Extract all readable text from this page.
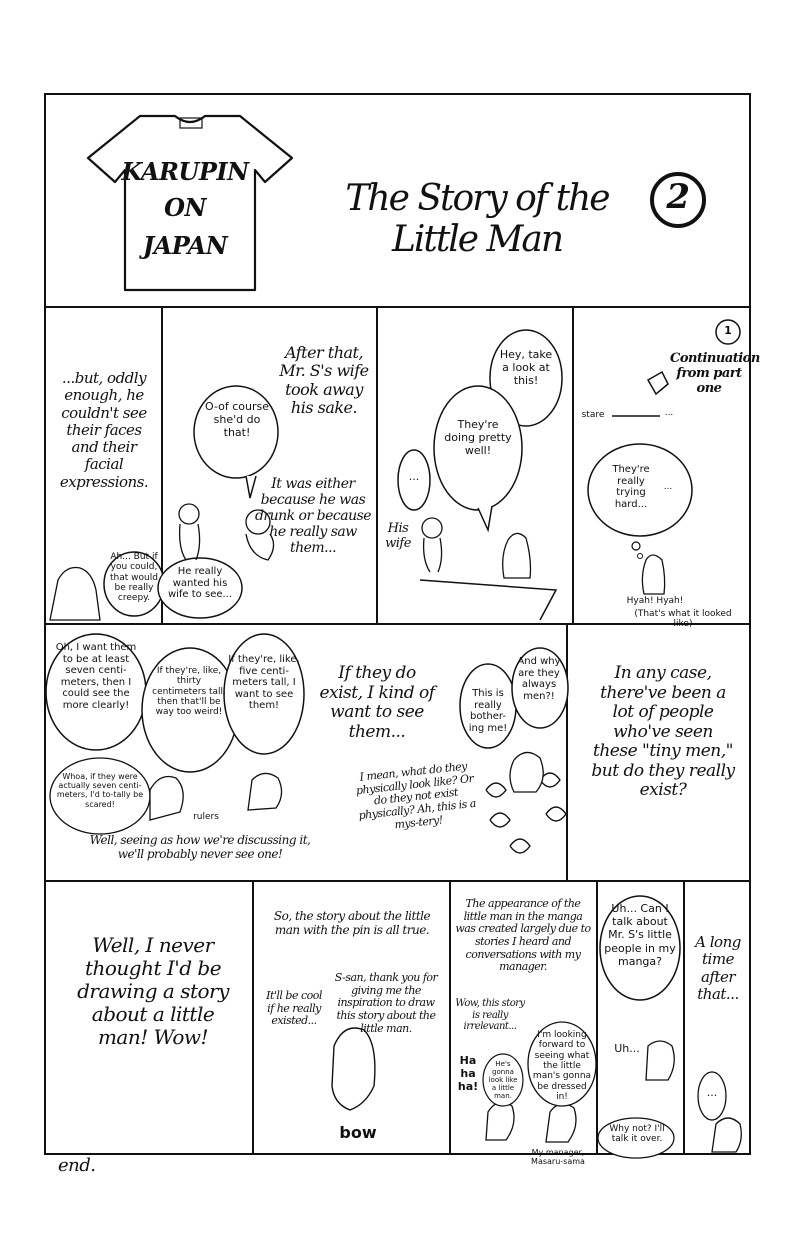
KARUPIN
ON
JAPAN
The Story of the Little Man
2
...but, oddly enough, he couldn't see their faces and their facial expressions.
Ah... But if you could, that would be really creepy.
After that, Mr. S's wife took away his sake.
O-of course she'd do that!
It was either because he was drunk or because he really saw them...
He really wanted his wife to see...
Hey, take a look at this!
They're doing pretty well!
...
His wife
1
Continuation from part one
stare	...
They're really trying hard...
...
Hyah! Hyah!
(That's what it looked like)
Oh, I want them to be at least seven centi-meters, then I could see the more clearly!
If they're, like, thirty centimeters tall, then that'll be way too weird!
If they're, like, five centi-meters tall, I want to see them!
Whoa, if they were actually seven centi-meters, I'd to-tally be scared!
rulers
Well, seeing as how we're discussing it, we'll probably never see one!
If they do exist, I kind of want to see them...
This is really bother-ing me!
And why are they always men?!
I mean, what do they physically look like? Or do they not exist physically? Ah, this is a mys-tery!
In any case, there've been a lot of people who've seen these "tiny men," but do they really exist?
Well, I never thought I'd be drawing a story about a little man! Wow!
So, the story about the little man with the pin is all true.
It'll be cool if he really existed...
S-san, thank you for giving me the inspiration to draw this story about the little man.
bow
The appearance of the little man in the manga was created largely due to stories I heard and conversations with my manager.
Wow, this story is really irrelevant...
I'm looking forward to seeing what the little man's gonna be dressed in!
He's gonna look like a little man.
Ha ha ha!
My manager, Masaru-sama
Uh... Can I talk about Mr. S's little people in my manga?
Uh...
Why not? I'll talk it over.
A long time after that...
...
end.
